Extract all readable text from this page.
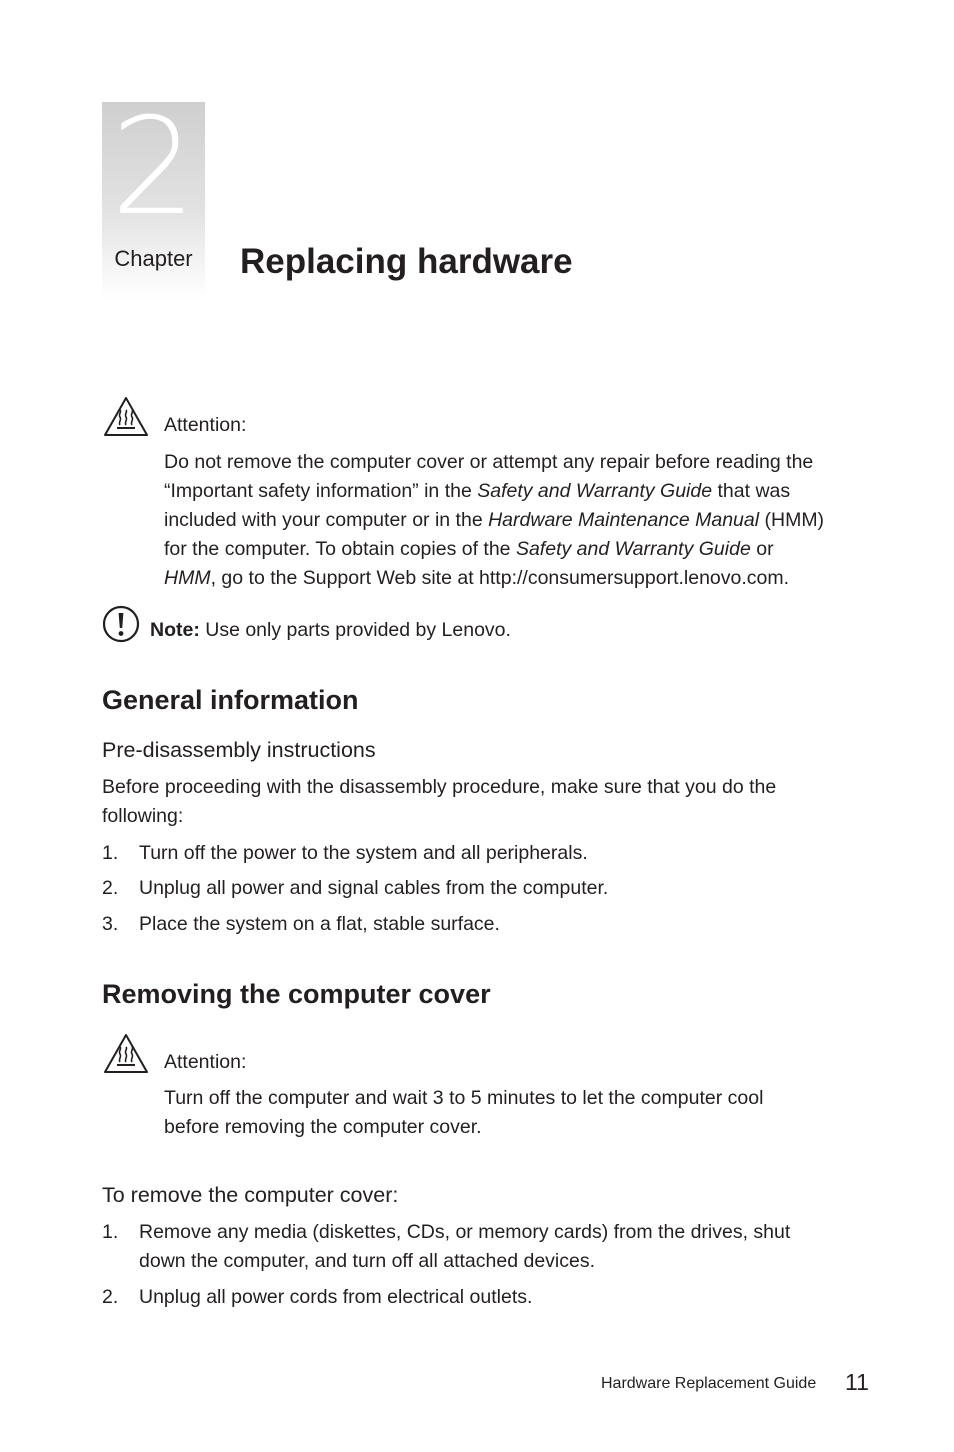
2
Chapter	Replacing hardware
Attention:
Do not remove the computer cover or attempt any repair before reading the
“Important safety information” in the Safety and Warranty Guide that was
included with your computer or in the Hardware Maintenance Manual (HMM)
for the computer. To obtain copies of the Safety and Warranty Guide or
HMM, go to the Support Web site at http://consumersupport.lenovo.com.
Note: Use only parts provided by Lenovo.
General information
Pre-disassembly instructions
Before proceeding with the disassembly procedure, make sure that you do the
following:
1. Turn off the power to the system and all peripherals.
2. Unplug all power and signal cables from the computer.
3. Place the system on a flat, stable surface.
Removing the computer cover
Attention:
Turn off the computer and wait 3 to 5 minutes to let the computer cool
before removing the computer cover.
To remove the computer cover:
1. Remove any media (diskettes, CDs, or memory cards) from the drives, shut
down the computer, and turn off all attached devices.
2. Unplug all power cords from electrical outlets.
Hardware Replacement Guide 11
